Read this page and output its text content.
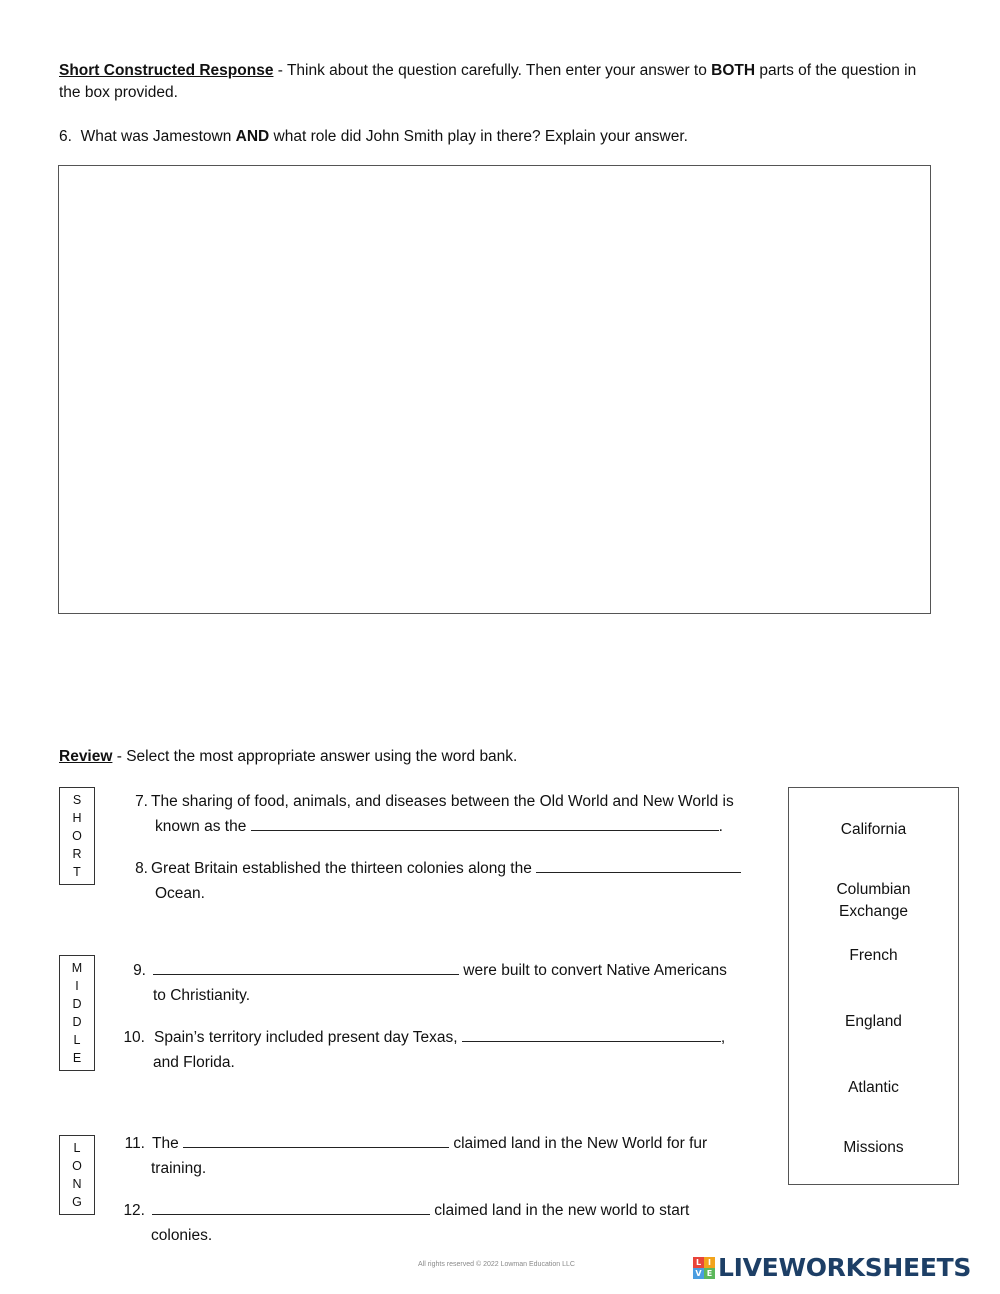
Short Constructed Response - Think about the question carefully. Then enter your answer to BOTH parts of the question in the box provided.
6. What was Jamestown AND what role did John Smith play in there? Explain your answer.
Review - Select the most appropriate answer using the word bank.
S
H
O
R
T
M
I
D
D
L
E
L
O
N
G
7. The sharing of food, animals, and diseases between the Old World and New World is
known as the	.
8. Great Britain established the thirteen colonies along the
Ocean.
9.	were built to convert Native Americans
to Christianity.
10. Spain’s territory included present day Texas,	,
and Florida.
11. The	claimed land in the New World for fur
training.
12.	claimed land in the new world to start
colonies.
California
Columbian
Exchange
French
England
Atlantic
Missions
All rights reserved © 2022 Lowman Education LLC	L I
V E LIVEWORKSHEETS
